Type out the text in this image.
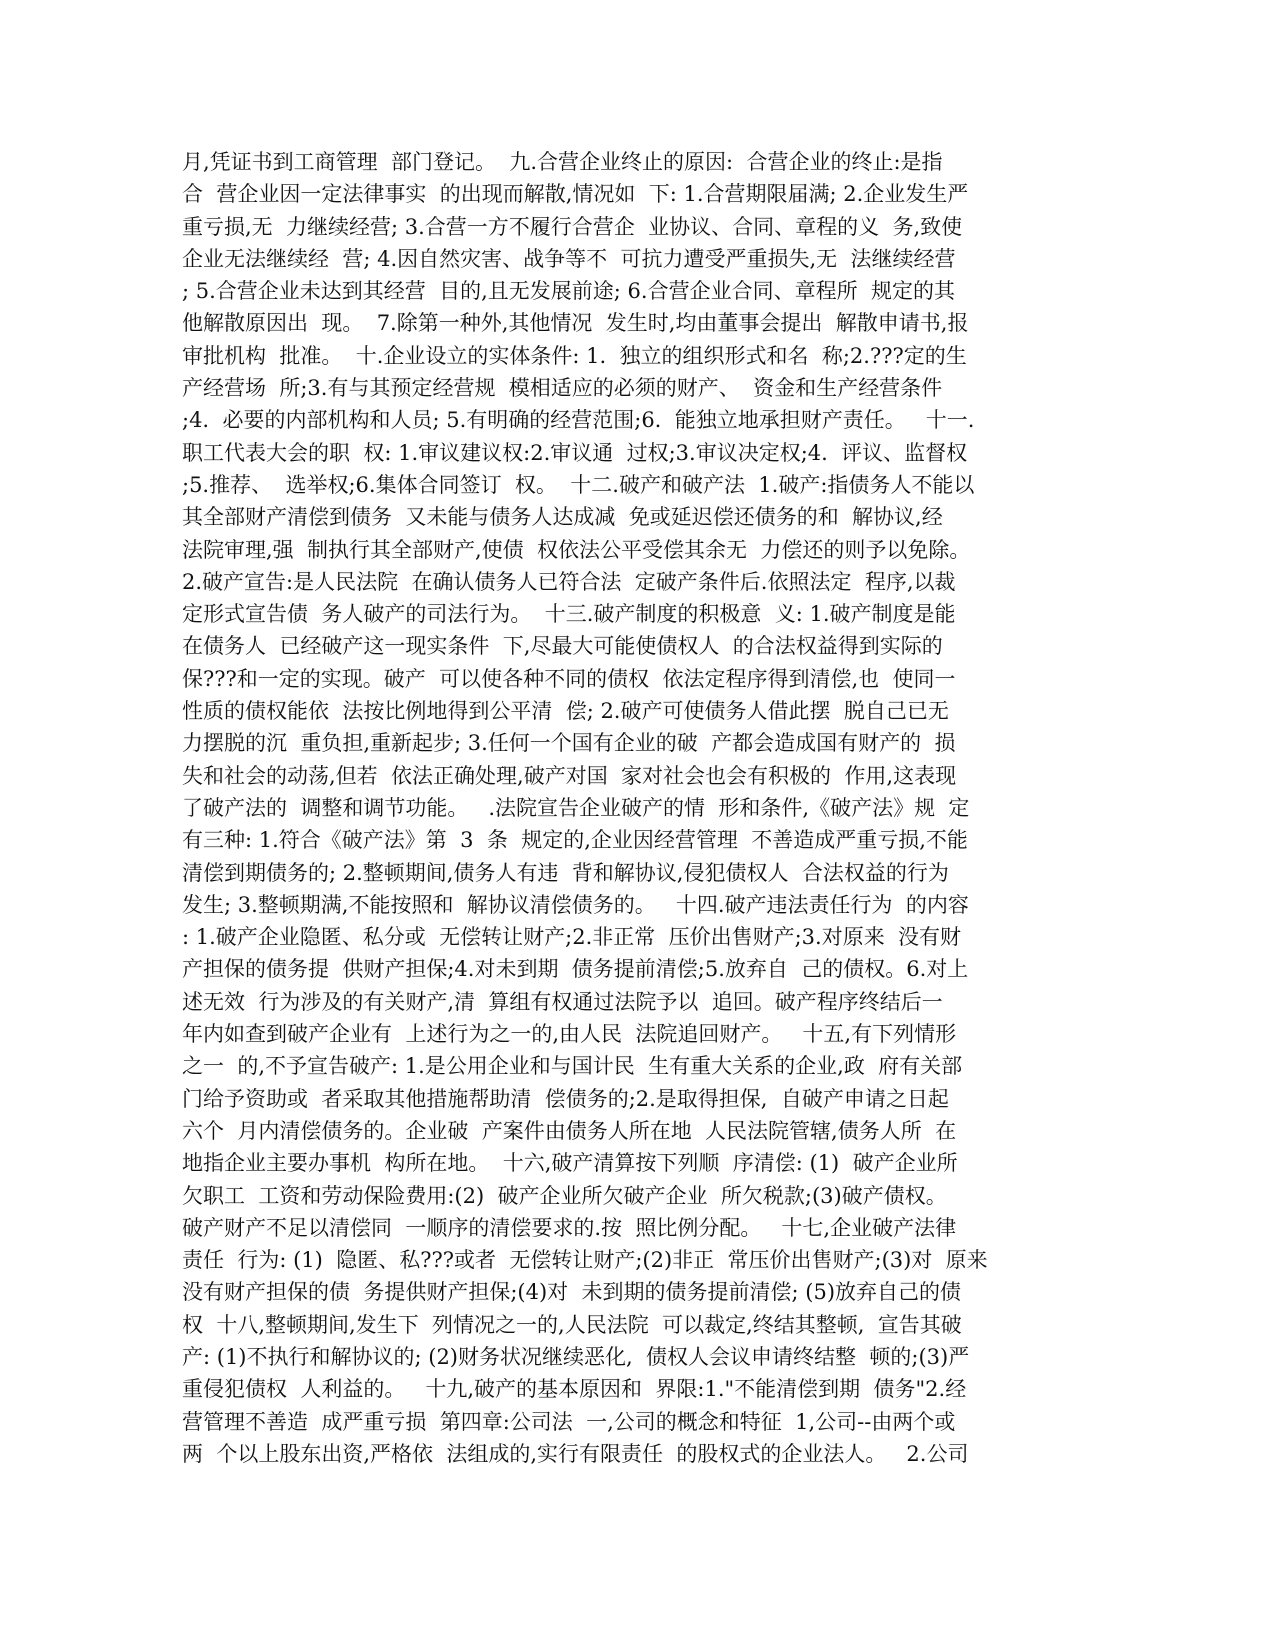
月,凭证书到工商管理  部门登记。  九.合营企业终止的原因:  合营企业的终止:是指
合  营企业因一定法律事实  的出现而解散,情况如  下: 1.合营期限届满; 2.企业发生严
重亏损,无  力继续经营; 3.合营一方不履行合营企  业协议、合同、章程的义  务,致使
企业无法继续经  营; 4.因自然灾害、战争等不  可抗力遭受严重损失,无  法继续经营
; 5.合营企业未达到其经营  目的,且无发展前途; 6.合营企业合同、章程所  规定的其
他解散原因出  现。  7.除第一种外,其他情况  发生时,均由董事会提出  解散申请书,报
审批机构  批准。  十.企业设立的实体条件: 1.  独立的组织形式和名  称;2.???定的生
产经营场  所;3.有与其预定经营规  模相适应的必须的财产、  资金和生产经营条件
;4.  必要的内部机构和人员; 5.有明确的经营范围;6.  能独立地承担财产责任。   十一.
职工代表大会的职  权: 1.审议建议权:2.审议通  过权;3.审议决定权;4.  评议、监督权
;5.推荐、  选举权;6.集体合同签订  权。  十二.破产和破产法  1.破产:指债务人不能以
其全部财产清偿到债务  又未能与债务人达成减  免或延迟偿还债务的和  解协议,经
法院审理,强  制执行其全部财产,使债  权依法公平受偿其余无  力偿还的则予以免除。
2.破产宣告:是人民法院  在确认债务人已符合法  定破产条件后.依照法定  程序,以裁
定形式宣告债  务人破产的司法行为。  十三.破产制度的积极意  义: 1.破产制度是能
在债务人  已经破产这一现实条件  下,尽最大可能使债权人  的合法权益得到实际的
保???和一定的实现。破产  可以使各种不同的债权  依法定程序得到清偿,也  使同一
性质的债权能依  法按比例地得到公平清  偿; 2.破产可使债务人借此摆  脱自己已无
力摆脱的沉  重负担,重新起步; 3.任何一个国有企业的破  产都会造成国有财产的  损
失和社会的动荡,但若  依法正确处理,破产对国  家对社会也会有积极的  作用,这表现
了破产法的  调整和调节功能。   .法院宣告企业破产的情  形和条件,《破产法》规  定
有三种: 1.符合《破产法》第  3  条  规定的,企业因经营管理  不善造成严重亏损,不能
清偿到期债务的; 2.整顿期间,债务人有违  背和解协议,侵犯债权人  合法权益的行为
发生; 3.整顿期满,不能按照和  解协议清偿债务的。   十四.破产违法责任行为  的内容
: 1.破产企业隐匿、私分或  无偿转让财产;2.非正常  压价出售财产;3.对原来  没有财
产担保的债务提  供财产担保;4.对未到期  债务提前清偿;5.放弃自  己的债权。6.对上
述无效  行为涉及的有关财产,清  算组有权通过法院予以  追回。破产程序终结后一
年内如查到破产企业有  上述行为之一的,由人民  法院追回财产。   十五,有下列情形
之一  的,不予宣告破产: 1.是公用企业和与国计民  生有重大关系的企业,政  府有关部
门给予资助或  者采取其他措施帮助清  偿债务的;2.是取得担保,  自破产申请之日起
六个  月内清偿债务的。企业破  产案件由债务人所在地  人民法院管辖,债务人所  在
地指企业主要办事机  构所在地。  十六,破产清算按下列顺  序清偿: (1)  破产企业所
欠职工  工资和劳动保险费用:(2)  破产企业所欠破产企业  所欠税款;(3)破产债权。
破产财产不足以清偿同  一顺序的清偿要求的.按  照比例分配。   十七,企业破产法律
责任  行为: (1)  隐匿、私???或者  无偿转让财产;(2)非正  常压价出售财产;(3)对  原来
没有财产担保的债  务提供财产担保;(4)对  未到期的债务提前清偿; (5)放弃自己的债
权  十八,整顿期间,发生下  列情况之一的,人民法院  可以裁定,终结其整顿,  宣告其破
产: (1)不执行和解协议的; (2)财务状况继续恶化,  债权人会议申请终结整  顿的;(3)严
重侵犯债权  人利益的。   十九,破产的基本原因和  界限:1."不能清偿到期  债务"2.经
营管理不善造  成严重亏损  第四章:公司法  一,公司的概念和特征  1,公司--由两个或
两  个以上股东出资,严格依  法组成的,实行有限责任  的股权式的企业法人。   2.公司
